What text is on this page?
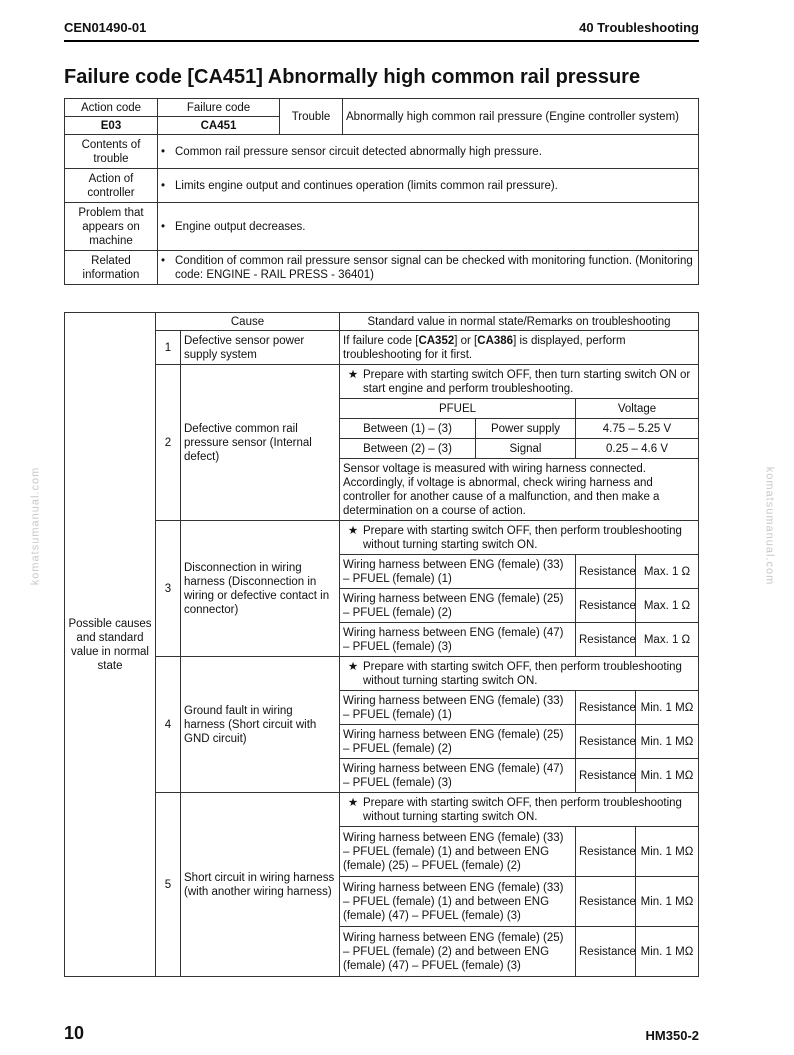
CEN01490-01	40 Troubleshooting
Failure code [CA451] Abnormally high common rail pressure
Action code	Failure code	Trouble	Abnormally high common rail pressure (Engine controller system)
E03	CA451		
Contents of trouble	• Common rail pressure sensor circuit detected abnormally high pressure.		

Action of controller	• Limits engine output and continues operation (limits common rail pressure).		

Problem that appears on machine	• Engine output decreases.		

Related information	• Condition of common rail pressure sensor signal can be checked with monitoring function. (Monitoring code: ENGINE - RAIL PRESS - 36401)		
Possible causes and standard value in normal state	Cause		Standard value in normal state/Remarks on troubleshooting			
	1	Defective sensor power supply system	If failure code [CA352] or [CA386] is displayed, perform troubleshooting for it first.			
	2	Defective common rail pressure sensor (Internal defect)	★ Prepare with starting switch OFF, then turn starting switch ON or start engine and perform troubleshooting.			

			PFUEL		Voltage	
			Between (1) – (3)	Power supply	4.75 – 5.25 V	
			Between (2) – (3)	Signal	0.25 – 4.6 V	
			Sensor voltage is measured with wiring harness connected. Accordingly, if voltage is abnormal, check wiring harness and controller for another cause of a malfunction, and then make a determination on a course of action.			
	3	Disconnection in wiring harness (Disconnection in wiring or defective contact in connector)	★ Prepare with starting switch OFF, then perform troubleshooting without turning starting switch ON.			

			Wiring harness between ENG (female) (33) – PFUEL (female) (1)		Resistance	Max. 1 Ω
			Wiring harness between ENG (female) (25) – PFUEL (female) (2)		Resistance	Max. 1 Ω
			Wiring harness between ENG (female) (47) – PFUEL (female) (3)		Resistance	Max. 1 Ω
	4	Ground fault in wiring harness (Short circuit with GND circuit)	★ Prepare with starting switch OFF, then perform troubleshooting without turning starting switch ON.			

			Wiring harness between ENG (female) (33) – PFUEL (female) (1)		Resistance	Min. 1 MΩ
			Wiring harness between ENG (female) (25) – PFUEL (female) (2)		Resistance	Min. 1 MΩ
			Wiring harness between ENG (female) (47) – PFUEL (female) (3)		Resistance	Min. 1 MΩ
	5	Short circuit in wiring harness (with another wiring harness)	★ Prepare with starting switch OFF, then perform troubleshooting without turning starting switch ON.			

			Wiring harness between ENG (female) (33) – PFUEL (female) (1) and between ENG (female) (25) – PFUEL (female) (2)		Resistance	Min. 1 MΩ
			Wiring harness between ENG (female) (33) – PFUEL (female) (1) and between ENG (female) (47) – PFUEL (female) (3)		Resistance	Min. 1 MΩ
			Wiring harness between ENG (female) (25) – PFUEL (female) (2) and between ENG (female) (47) – PFUEL (female) (3)		Resistance	Min. 1 MΩ
komatsumanual.com	komatsumanual.com
10	HM350-2
